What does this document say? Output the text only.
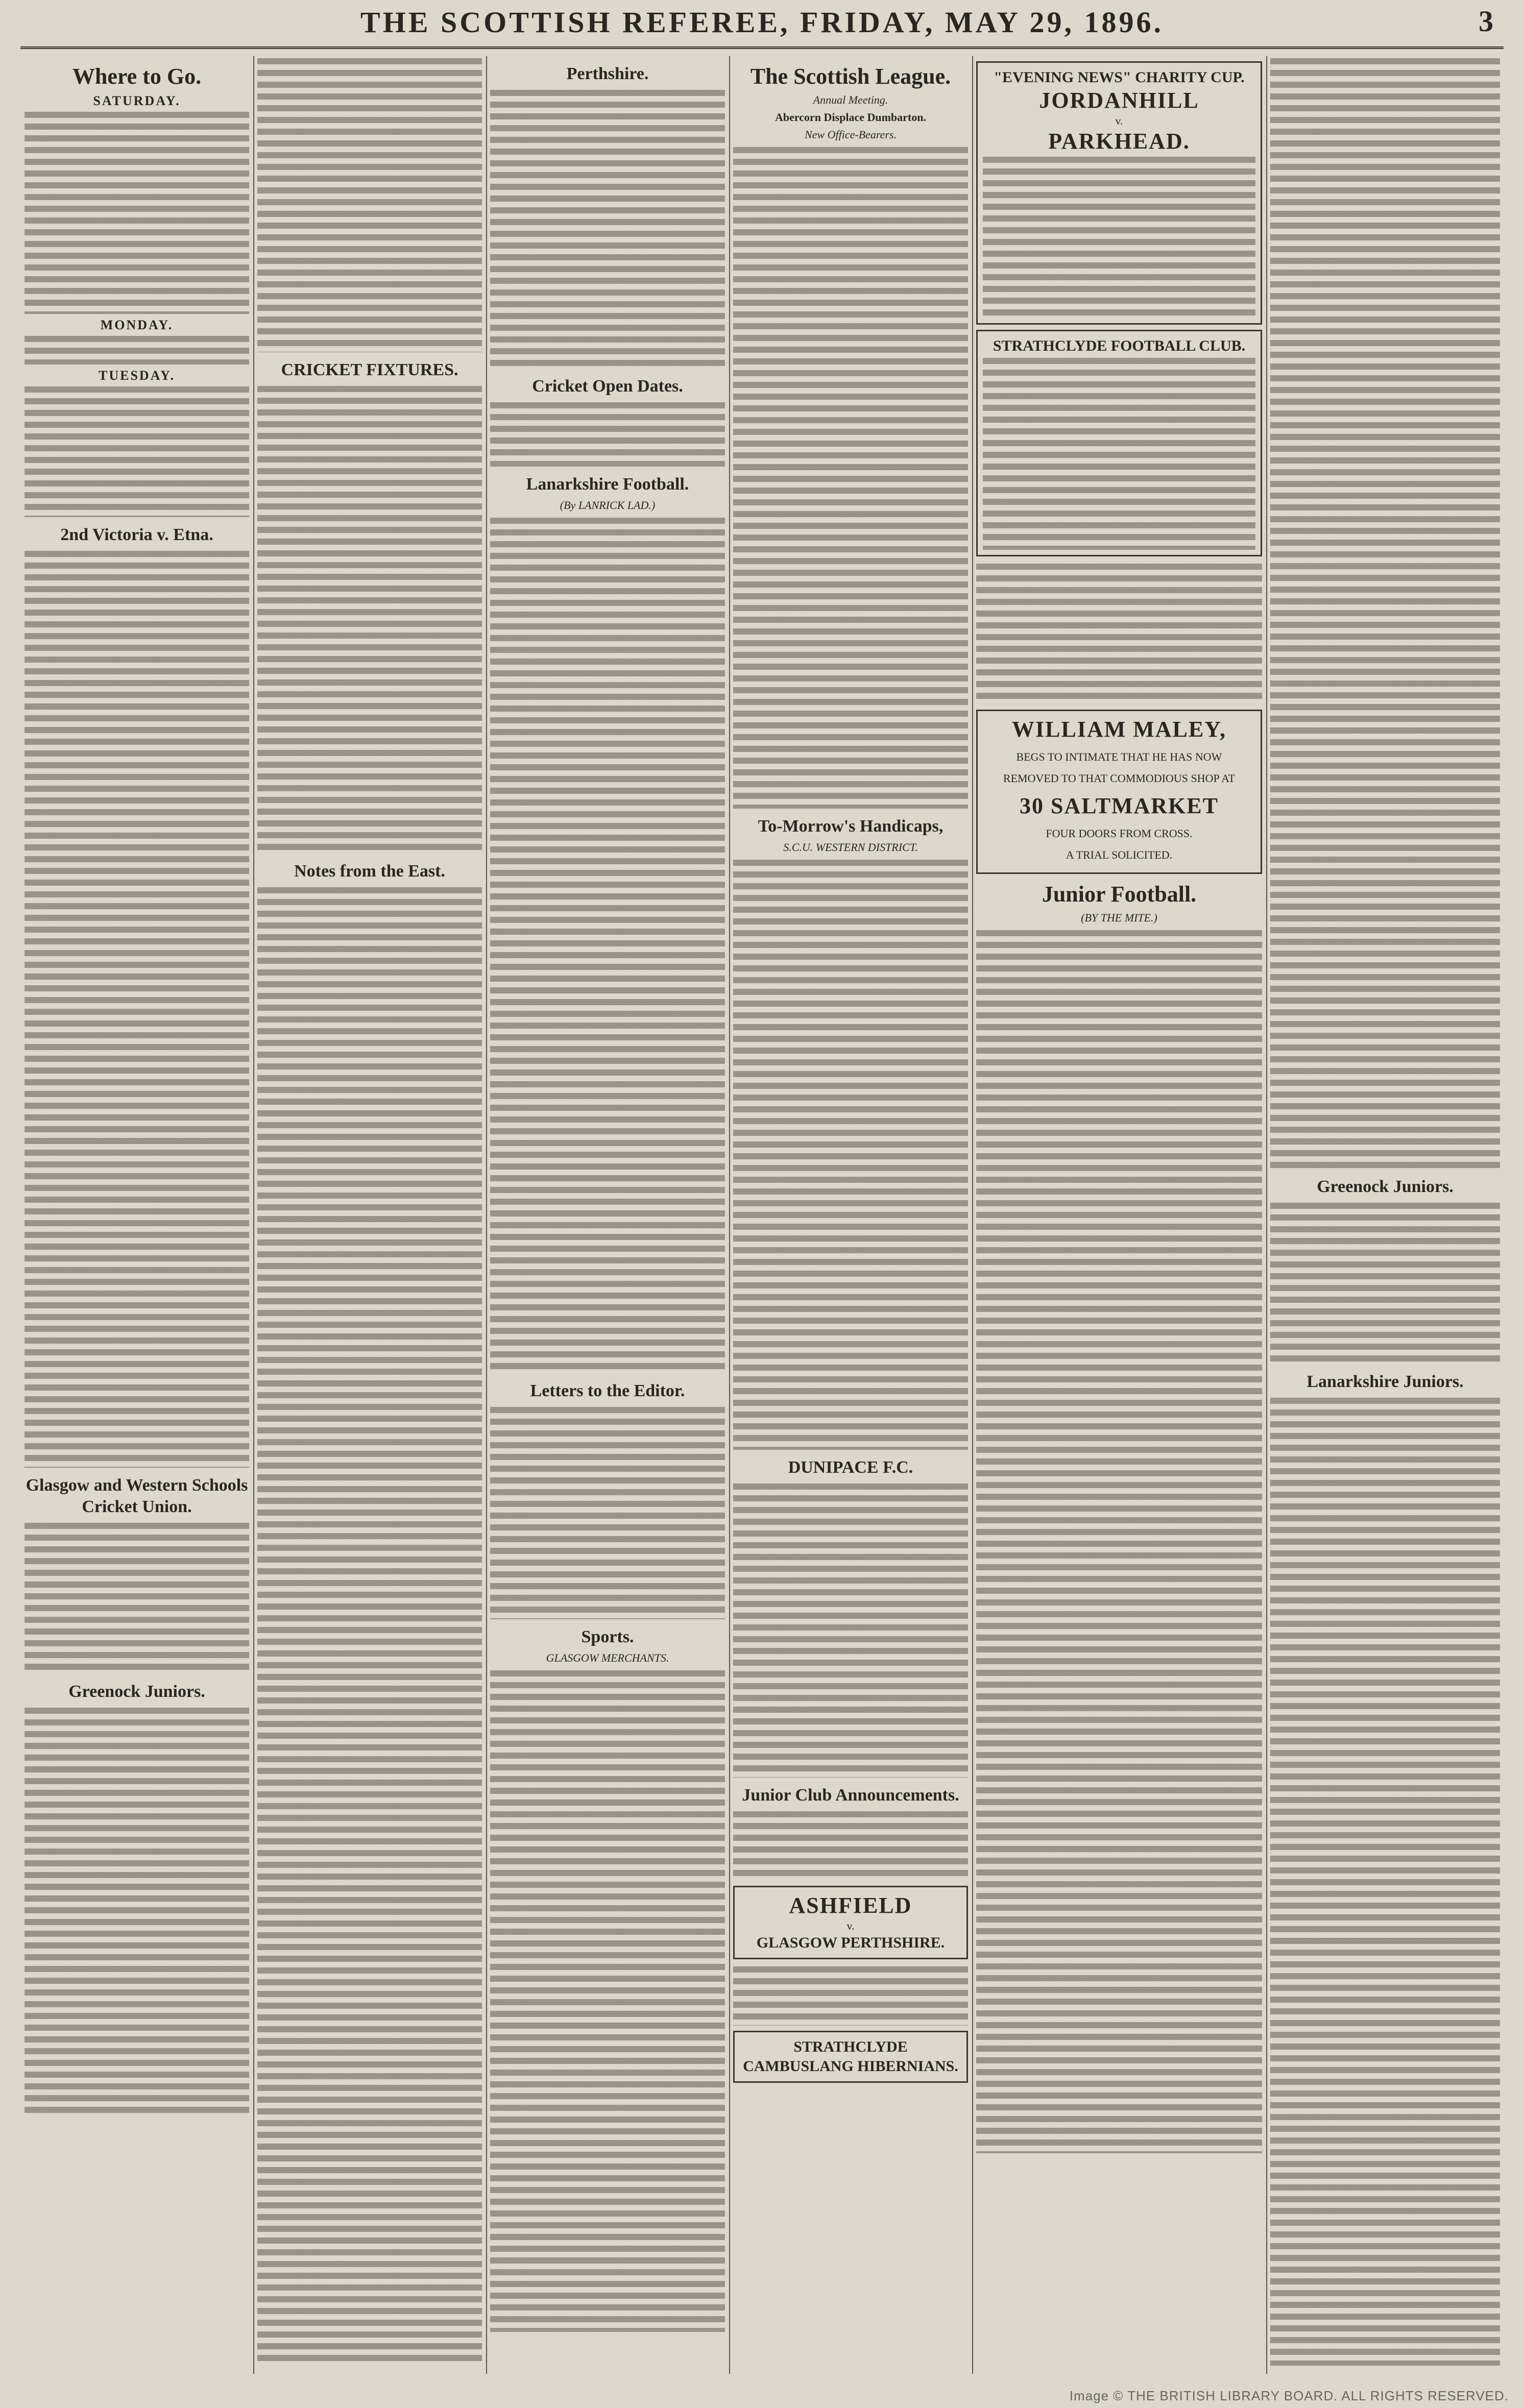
THE SCOTTISH REFEREE, FRIDAY, MAY 29, 1896.	3
Where to Go.
SATURDAY.
MONDAY.
TUESDAY.
2nd Victoria v. Etna.
Glasgow and Western Schools Cricket Union.
Greenock Juniors.
CRICKET FIXTURES.
Notes from the East.
Perthshire.
Cricket Open Dates.
Lanarkshire Football.
(By LANRICK LAD.)
Letters to the Editor.
Sports.
GLASGOW MERCHANTS.
The Scottish League.
Annual Meeting.
Abercorn Displace Dumbarton.
New Office-Bearers.
To-Morrow's Handicaps,
S.C.U. WESTERN DISTRICT.
DUNIPACE F.C.
Junior Club Announcements.
ASHFIELD
v.
GLASGOW PERTHSHIRE.
STRATHCLYDE
CAMBUSLANG HIBERNIANS.
"EVENING NEWS" CHARITY CUP.
JORDANHILL
v.
PARKHEAD.
STRATHCLYDE FOOTBALL CLUB.
WILLIAM MALEY,
BEGS TO INTIMATE THAT HE HAS NOW
REMOVED TO THAT COMMODIOUS SHOP AT
30 SALTMARKET
FOUR DOORS FROM CROSS.
A TRIAL SOLICITED.
Junior Football.
(BY THE MITE.)
Greenock Juniors.
Lanarkshire Juniors.
Image © THE BRITISH LIBRARY BOARD. ALL RIGHTS RESERVED.
